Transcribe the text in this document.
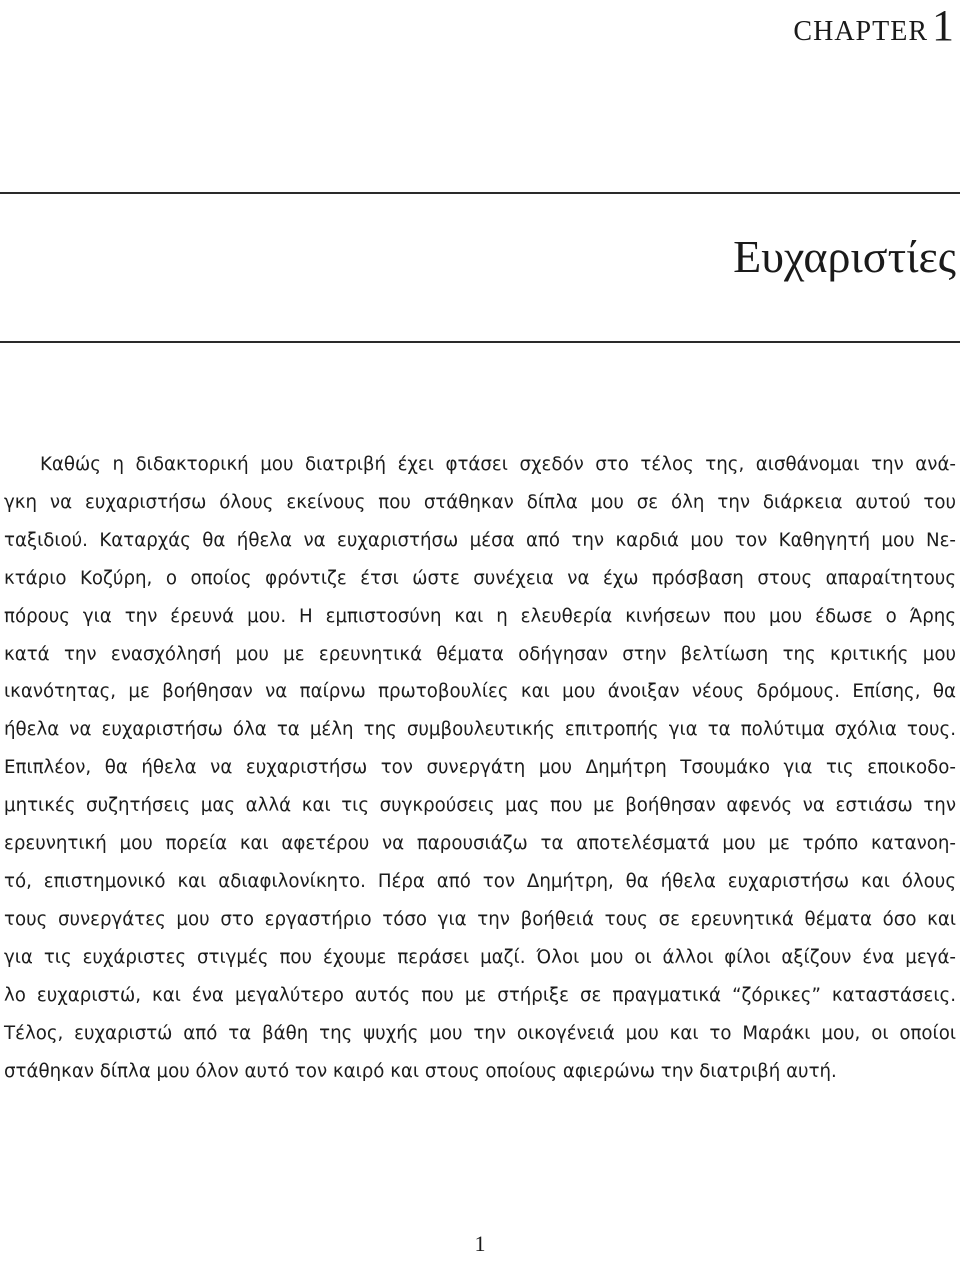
CHAPTER1
Ευχαριστίες
Καθώς η διδακτορική μου διατριβή έχει φτάσει σχεδόν στο τέλος της, αισθάνομαι την ανά-
γκη να ευχαριστήσω όλους εκείνους που στάθηκαν δίπλα μου σε όλη την διάρκεια αυτού του
ταξιδιού. Καταρχάς θα ήθελα να ευχαριστήσω μέσα από την καρδιά μου τον Καθηγητή μου Νε-
κτάριο Κοζύρη, ο οποίος φρόντιζε έτσι ώστε συνέχεια να έχω πρόσβαση στους απαραίτητους
πόρους για την έρευνά μου. Η εμπιστοσύνη και η ελευθερία κινήσεων που μου έδωσε ο Άρης
κατά την ενασχόλησή μου με ερευνητικά θέματα οδήγησαν στην βελτίωση της κριτικής μου
ικανότητας, με βοήθησαν να παίρνω πρωτοβουλίες και μου άνοιξαν νέους δρόμους. Επίσης, θα
ήθελα να ευχαριστήσω όλα τα μέλη της συμβουλευτικής επιτροπής για τα πολύτιμα σχόλια τους.
Επιπλέον, θα ήθελα να ευχαριστήσω τον συνεργάτη μου Δημήτρη Τσουμάκο για τις εποικοδο-
μητικές συζητήσεις μας αλλά και τις συγκρούσεις μας που με βοήθησαν αφενός να εστιάσω την
ερευνητική μου πορεία και αφετέρου να παρουσιάζω τα αποτελέσματά μου με τρόπο κατανοη-
τό, επιστημονικό και αδιαφιλονίκητο. Πέρα από τον Δημήτρη, θα ήθελα ευχαριστήσω και όλους
τους συνεργάτες μου στο εργαστήριο τόσο για την βοήθειά τους σε ερευνητικά θέματα όσο και
για τις ευχάριστες στιγμές που έχουμε περάσει μαζί. Όλοι μου οι άλλοι φίλοι αξίζουν ένα μεγά-
λο ευχαριστώ, και ένα μεγαλύτερο αυτός που με στήριξε σε πραγματικά “ζόρικες” καταστάσεις.
Τέλος, ευχαριστώ από τα βάθη της ψυχής μου την οικογένειά μου και το Μαράκι μου, οι οποίοι
στάθηκαν δίπλα μου όλον αυτό τον καιρό και στους οποίους αφιερώνω την διατριβή αυτή.
1
